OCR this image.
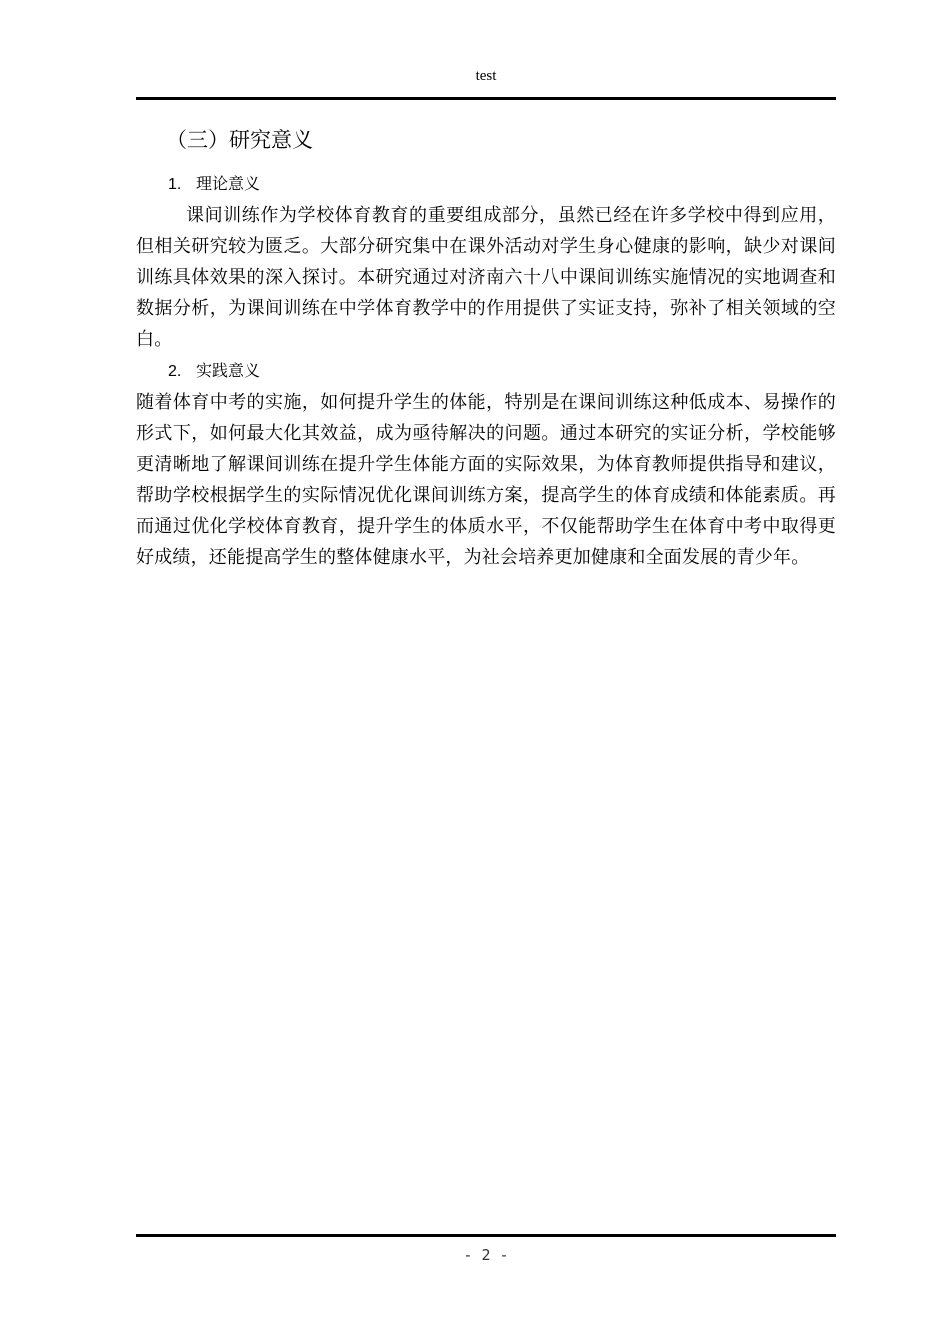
test
（三）研究意义
1. 理论意义

课间训练作为学校体育教育的重要组成部分，虽然已经在许多学校中得到应用，但相关研究较为匮乏。大部分研究集中在课外活动对学生身心健康的影响，缺少对课间训练具体效果的深入探讨。本研究通过对济南六十八中课间训练实施情况的实地调查和数据分析，为课间训练在中学体育教学中的作用提供了实证支持，弥补了相关领域的空白。

2. 实践意义

随着体育中考的实施，如何提升学生的体能，特别是在课间训练这种低成本、易操作的形式下，如何最大化其效益，成为亟待解决的问题。通过本研究的实证分析，学校能够更清晰地了解课间训练在提升学生体能方面的实际效果，为体育教师提供指导和建议，帮助学校根据学生的实际情况优化课间训练方案，提高学生的体育成绩和体能素质。再而通过优化学校体育教育，提升学生的体质水平，不仅能帮助学生在体育中考中取得更好成绩，还能提高学生的整体健康水平，为社会培养更加健康和全面发展的青少年。

- 2 -
